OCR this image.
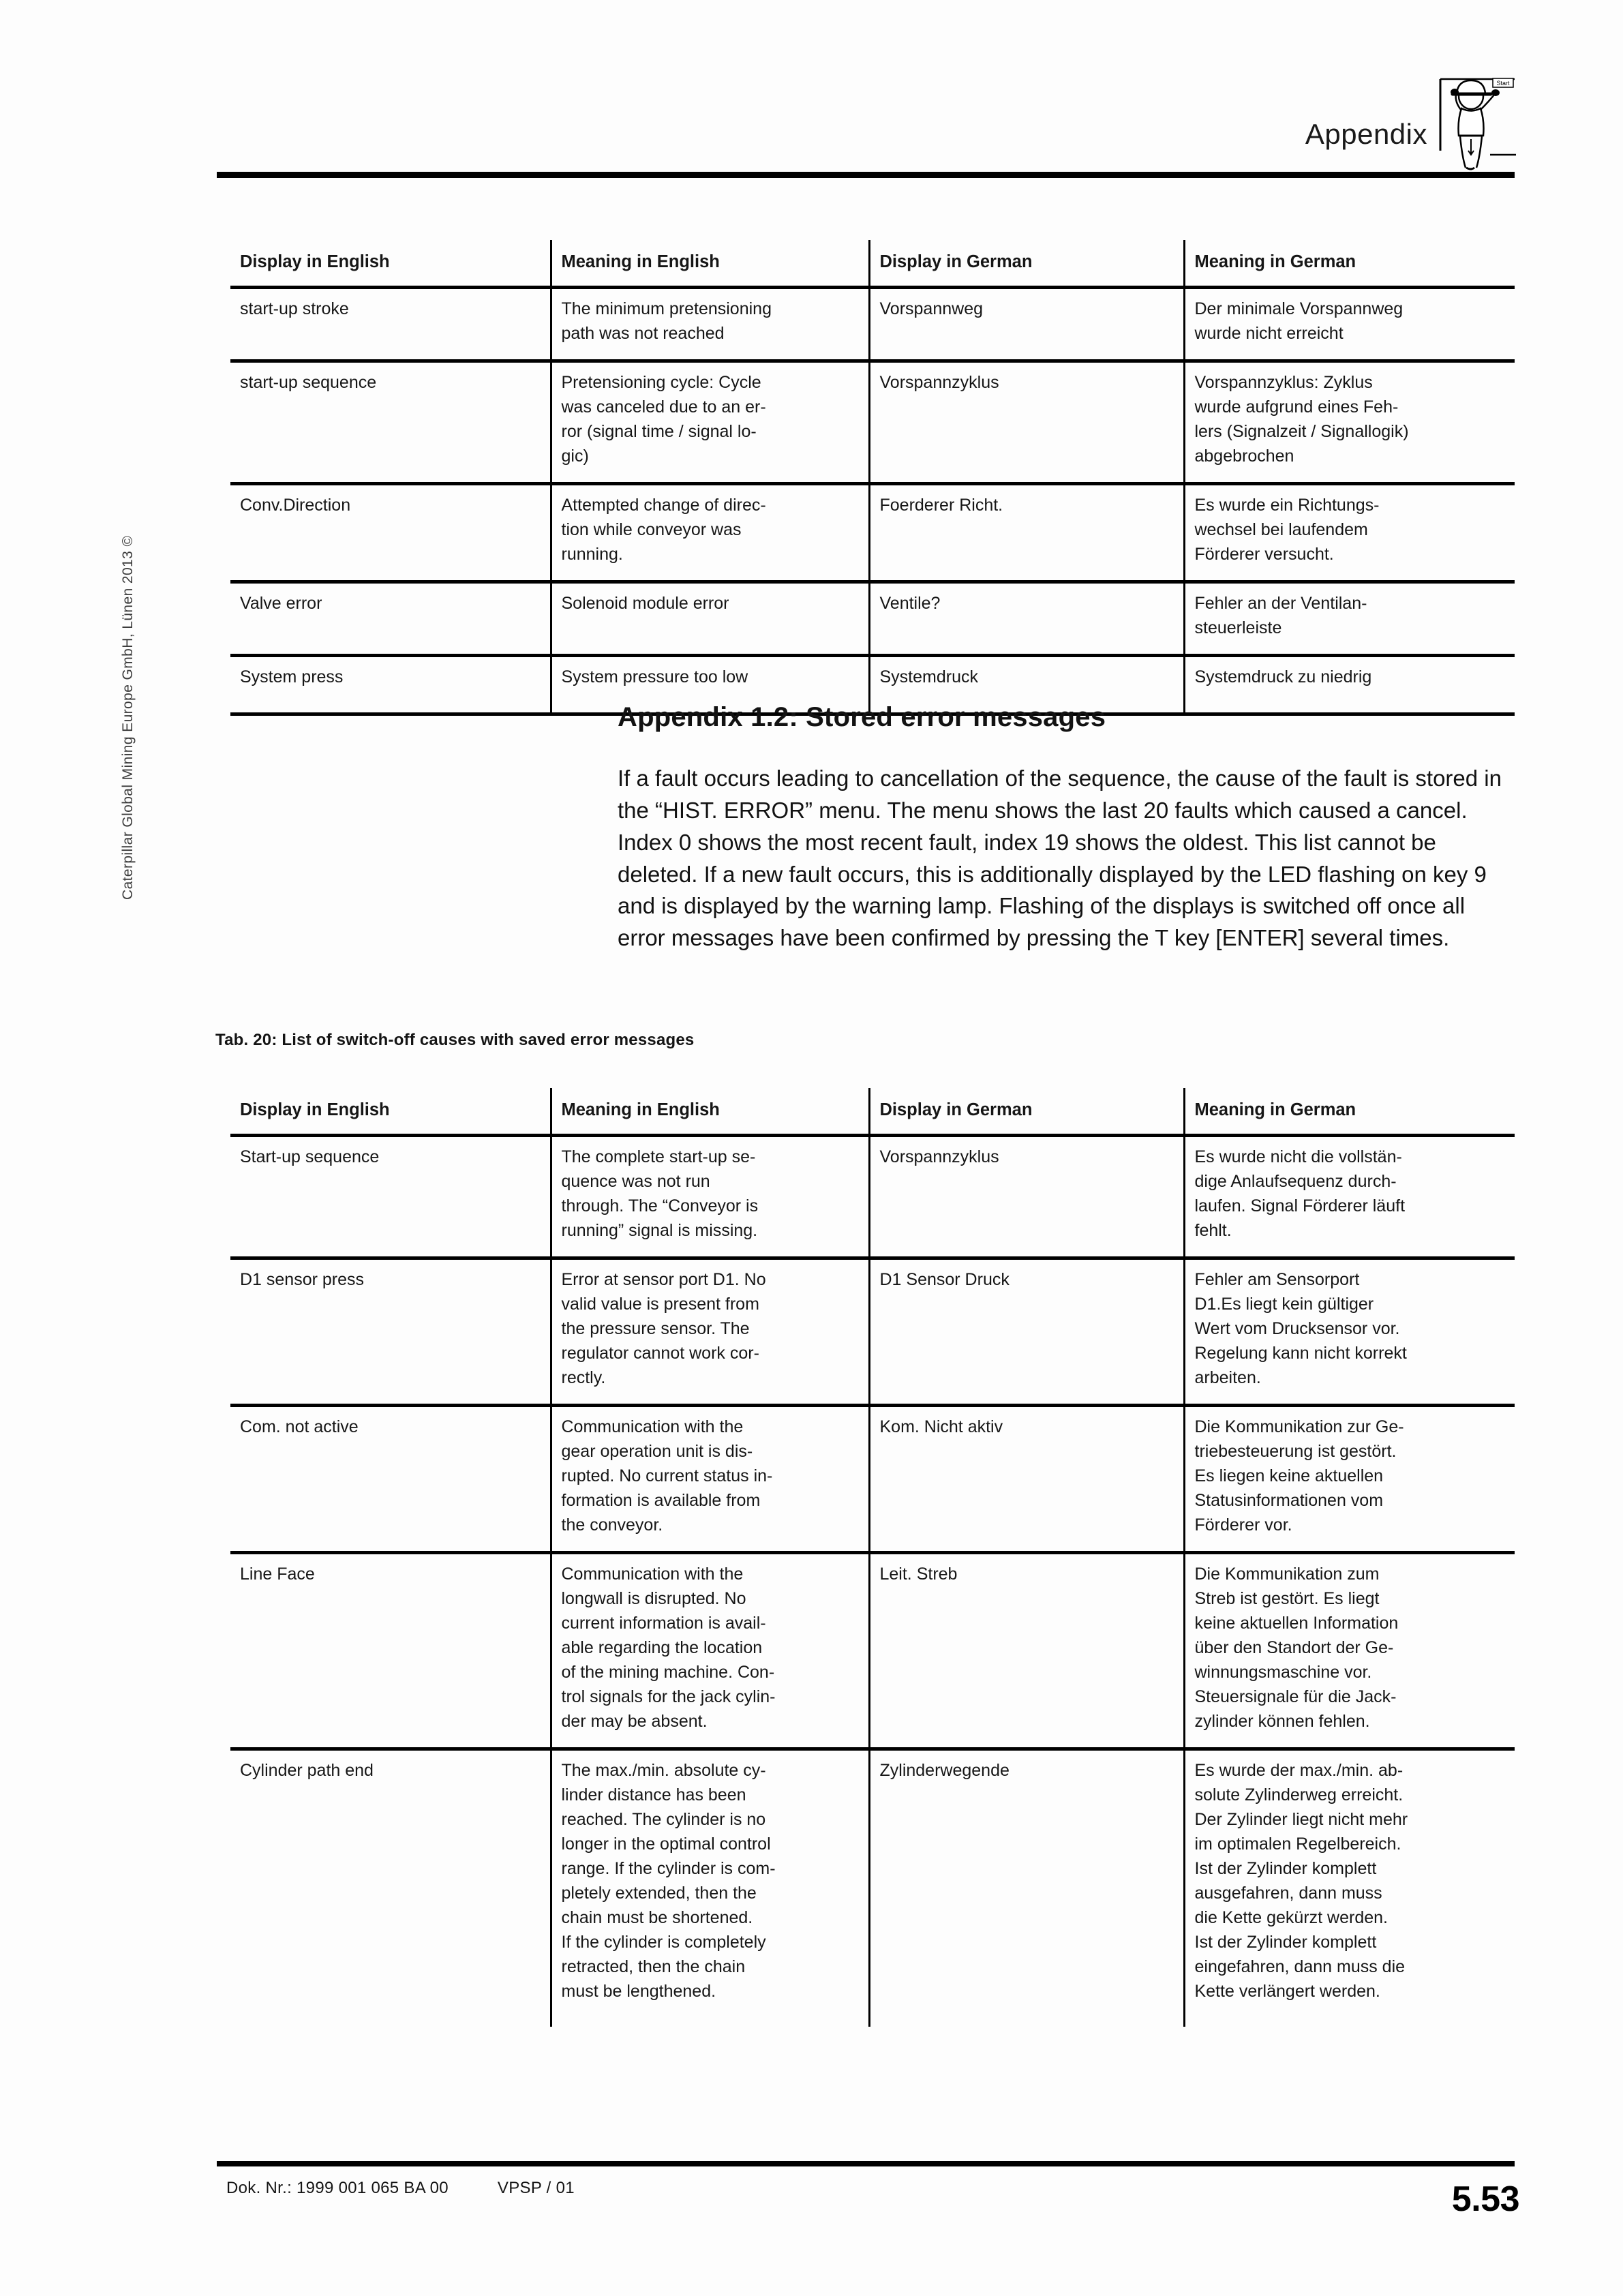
Appendix
Start
Caterpillar Global Mining Europe GmbH, Lünen 2013 ©
Display in English	Meaning in English	Display in German	Meaning in German
start-up stroke	The minimum pretensioning
path was not reached	Vorspannweg	Der minimale Vorspannweg
wurde nicht erreicht

start-up sequence	Pretensioning cycle: Cycle
was canceled due to an er-
ror (signal time / signal lo-
gic)	Vorspannzyklus	Vorspannzyklus: Zyklus
wurde aufgrund eines Feh-
lers (Signalzeit / Signallogik)
abgebrochen

Conv.Direction	Attempted change of direc-
tion while conveyor was
running.	Foerderer Richt.	Es wurde ein Richtungs-
wechsel bei laufendem
Förderer versucht.

Valve error	Solenoid module error	Ventile?	Fehler an der Ventilan-
steuerleiste

System press	System pressure too low	Systemdruck	Systemdruck zu niedrig
Appendix 1.2: Stored error messages

If a fault occurs leading to cancellation of the sequence, the cause of the fault is stored in the “HIST. ERROR” menu. The menu shows the last 20 faults which caused a cancel. Index 0 shows the most recent fault, index 19 shows the oldest. This list cannot be deleted. If a new fault occurs, this is additionally displayed by the LED flashing on key 9 and is displayed by the warning lamp. Flashing of the displays is switched off once all error messages have been confirmed by pressing the T key [ENTER] several times.

Tab. 20: List of switch-off causes with saved error messages
Display in English	Meaning in English	Display in German	Meaning in German
Start-up sequence	The complete start-up se-
quence was not run
through. The “Conveyor is
running” signal is missing.	Vorspannzyklus	Es wurde nicht die vollstän-
dige Anlaufsequenz durch-
laufen. Signal Förderer läuft
fehlt.

D1 sensor press	Error at sensor port D1. No
valid value is present from
the pressure sensor. The
regulator cannot work cor-
rectly.	D1 Sensor Druck	Fehler am Sensorport
D1.Es liegt kein gültiger
Wert vom Drucksensor vor.
Regelung kann nicht korrekt
arbeiten.

Com. not active	Communication with the
gear operation unit is dis-
rupted. No current status in-
formation is available from
the conveyor.	Kom. Nicht aktiv	Die Kommunikation zur Ge-
triebesteuerung ist gestört.
Es liegen keine aktuellen
Statusinformationen vom
Förderer vor.

Line Face	Communication with the
longwall is disrupted. No
current information is avail-
able regarding the location
of the mining machine. Con-
trol signals for the jack cylin-
der may be absent.
	Leit. Streb	Die Kommunikation zum
Streb ist gestört. Es liegt
keine aktuellen Information
über den Standort der Ge-
winnungsmaschine vor.
Steuersignale für die Jack-
zylinder können fehlen.

Cylinder path end	The max./min. absolute cy-
linder distance has been
reached. The cylinder is no
longer in the optimal control
range. If the cylinder is com-
pletely extended, then the
chain must be shortened.
If the cylinder is completely
retracted, then the chain
must be lengthened.
	Zylinderwegende	Es wurde der max./min. ab-
solute Zylinderweg erreicht.
Der Zylinder liegt nicht mehr
im optimalen Regelbereich.
Ist der Zylinder komplett
ausgefahren, dann muss
die Kette gekürzt werden.
Ist der Zylinder komplett
eingefahren, dann muss die
Kette verlängert werden.
Dok. Nr.: 1999 001 065 BA 00	VPSP / 01	5.53
